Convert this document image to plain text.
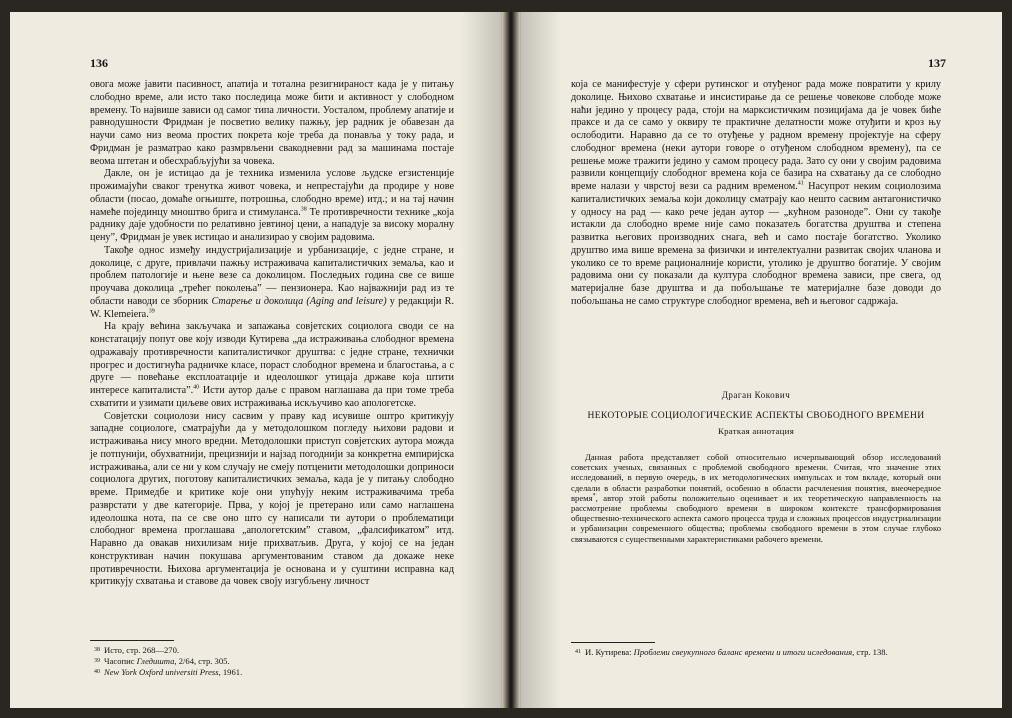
136

овога може јавити пасивност, апатија и тотална резигнираност када је у питању слободно време, али исто тако последица може бити и активност у слободном времену. То највише зависи од самог типа личности. Уосталом, проблему апатије и равнодушности Фридман је посветио велику пажњу, јер радник је обавезан да научи само низ веома простих покрета које треба да понавља у току рада, и Фридман је разматрао како размрвљени свакодневни рад за машинама постаје веома штетан и обесхрабљујући за човека.

Даклe, он је истицао да је техника изменила услове људске егзистенције прожимајући сваког тренутка живот човека, и непрестајући да продире у нове области (посао, домаће огњиште, потрошња, слободно време) итд.; и на тај начин намеће појединцу мноштво брига и стимуланса.$^{38}$ Те противречности технике „која раднику даје удобности по релативно јевтиној цени, а нападује за високу моралну цену”, Фридман је увек истицао и анализирао у својим радовима.

Такође однос између индустријализације и урбанизације, с једне стране, и доколице, с друге, привлачи пажњу истраживача капиталистичких земаља, као и проблем патологије и њене везе са доколицом. Последњих година све се више проучава доколица „трећег поколења” — пензионера. Као најважнији рад из те области наводи се зборник Старење и доколица (Aging and leisure) у редакцији R. W. Klemeiera.$^{39}$

На крају већина закључака и запажања совјетских социолога своди се на констатацију попут ове коју изводи Кутирева „да истраживања слободног времена одражавају противречности капиталистичког друштва: с једне стране, технички прогрес и достигнућа радничке класе, пораст слободног времена и благостања, а с друге — повећање експлоатације и идеолошког утицаја државе која штити интересе капиталиста”.$^{40}$ Исти аутор даље с правом наглашава да при томе треба схватити и узимати циљеве ових истраживања искључиво као апологетске.

Совјетски социолози нису сасвим у праву кад исувише оштро критикују западне социологе, сматрајући да у методолошком погледу њихови радови и истраживања нису много вредни. Методолошки приступ совјетских аутора можда је потпунији, обухватнији, прецизнији и најзад погоднији за конкретна емпиријска истраживања, али се ни у ком случају не смеју потценити методолошки доприноси социолога других, поготову капиталистичких земаља, када је у питању слободно време. Примедбе и критике које они упућују неким истраживачима треба разврстати у две категорије. Прва, у којој је претерано или само наглашена идеолошка нота, па се све оно што су написали ти аутори о проблематици слободног времена проглашава „апологетским” ставом, „фалсификатом” итд. Наравно да овакав нихилизам није прихватљив. Друга, у којој се на један конструктиван начин покушава аргументованим ставом да докаже неке противречности. Њихова аргументација је основана и у суштини исправна кад критикују схватања и ставове да човек своју изгубљену личност

$^{38}$ Исто, стр. 268—270.

$^{39}$ Часопис Гледишта, 2/64, стр. 305.

$^{40}$ New York Oxford universiti Press, 1961.

137

која се манифестује у сфери рутинског и отуђеног рада може повратити у крилу доколице. Њихово схватање и инсистирање да се решење човекове слободе може наћи једино у процесу рада, стоји на марксистичким позицијама да је човек биће праксе и да се само у оквиру те практичне делатности може отуђити и кроз њу ослободити. Наравно да се то отуђење у радном времену пројектује на сферу слободног времена (неки аутори говоре о отуђеном слободном времену), па се решење може тражити једино у самом процесу рада. Зато су они у својим радовима развили концепцију слободног времена која се базира на схватању да се слободно време налази у чврстој вези са радним временом.$^{41}$ Насупрот неким социолозима капиталистичких земаља који доколицу сматрају као нешто сасвим антагонистичко у односу на рад — како рече један аутор — „кућном разоноде”. Они су такође истакли да слободно време није само показатељ богатства друштва и степена развитка његових производних снага, већ и само постаје богатство. Уколико друштво има више времена за физички и интелектуални развитак својих чланова и уколико се то време рационалније користи, утолико је друштво богатије. У својим радовима они су показали да култура слободног времена зависи, пре свега, од материјалне базе друштва и да побољшање те материјалне базе доводи до побољшања не само структуре слободног времена, већ и његовог садржаја.

Драган Кокович

НЕКОТОРЫЕ СОЦИОЛОГИЧЕСКИЕ АСПЕКТЫ СВОБОДНОГО ВРЕМЕНИ

Краткая аннотация

Данная работа представляет собой относительно исчерпывающий обзор исследований советских ученых, связанных с проблемой свободного времени. Считая, что значение этих исследований, в первую очередь, в их методологических импульсах и том вкладе, который они сделали в области разработки понятий, особенно в области расчленения понятия, внеочередное время*, автор этой работы положительно оценивает и их теоретическую направленность на рассмотрение проблемы свободного времени в широком контексте трансформирования общественно-технического аспекта самого процесса труда и сложных процессов индустриализации и урбанизации современного общества; проблемы свободного времени в этом случае глубоко связываются с существенными характеристиками рабочего времени.

$^{41}$ И. Кутирева: Проблеми свеукупного баланс времени и итоги иследования, стр. 138.
